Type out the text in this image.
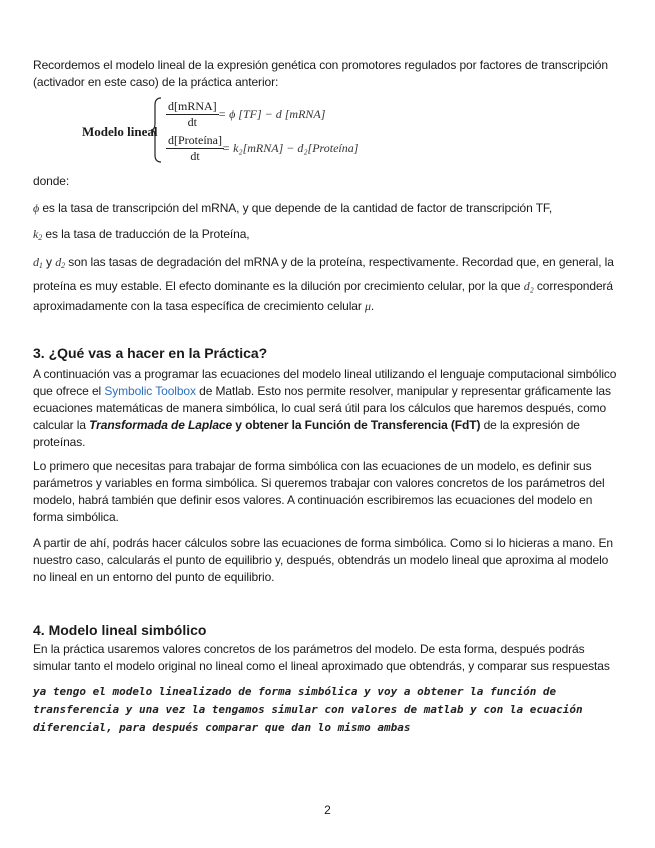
Recordemos el modelo lineal de la expresión genética con promotores regulados por factores de transcripción (activador en este caso) de la práctica anterior:
Modelo lineal
d[mRNA]
dt
= ϕ [TF] − d [mRNA]
d[Proteína]
dt
= k₂[mRNA] − d₂[Proteína]
donde:
ϕ es la tasa de transcripción del mRNA, y que depende de la cantidad de factor de transcripción TF,
$k_2$ es la tasa de traducción de la Proteína,
$d_1$ y $d_2$ son las tasas de degradación del mRNA y de la proteína, respectivamente. Recordad que, en general, la proteína es muy estable. El efecto dominante es la dilución por crecimiento celular, por la que d₂ corresponderá aproximadamente con la tasa específica de crecimiento celular μ.
3. ¿Qué vas a hacer en la Práctica?
A continuación vas a programar las ecuaciones del modelo lineal utilizando el lenguaje computacional simbólico que ofrece el Symbolic Toolbox de Matlab. Esto nos permite resolver, manipular y representar gráficamente las ecuaciones matemáticas de manera simbólica, lo cual será útil para los cálculos que haremos después, como calcular la Transformada de Laplace y obtener la Función de Transferencia (FdT) de la expresión de proteínas.
Lo primero que necesitas para trabajar de forma simbólica con las ecuaciones de un modelo, es definir sus parámetros y variables en forma simbólica. Si queremos trabajar con valores concretos de los parámetros del modelo, habrá también que definir esos valores. A continuación escribiremos las ecuaciones del modelo en forma simbólica.
A partir de ahí, podrás hacer cálculos sobre las ecuaciones de forma simbólica. Como si lo hicieras a mano. En nuestro caso, calcularás el punto de equilibrio y, después, obtendrás un modelo lineal que aproxima al modelo no lineal en un entorno del punto de equilibrio.
4. Modelo lineal simbólico
En la práctica usaremos valores concretos de los parámetros del modelo. De esta forma, después podrás simular tanto el modelo original no lineal como el lineal aproximado que obtendrás, y comparar sus respuestas
ya tengo el modelo linealizado de forma simbólica y voy a obtener la función de transferencia y una vez la tengamos simular con valores de matlab y con la ecuación diferencial, para después comparar que dan lo mismo ambas
2
